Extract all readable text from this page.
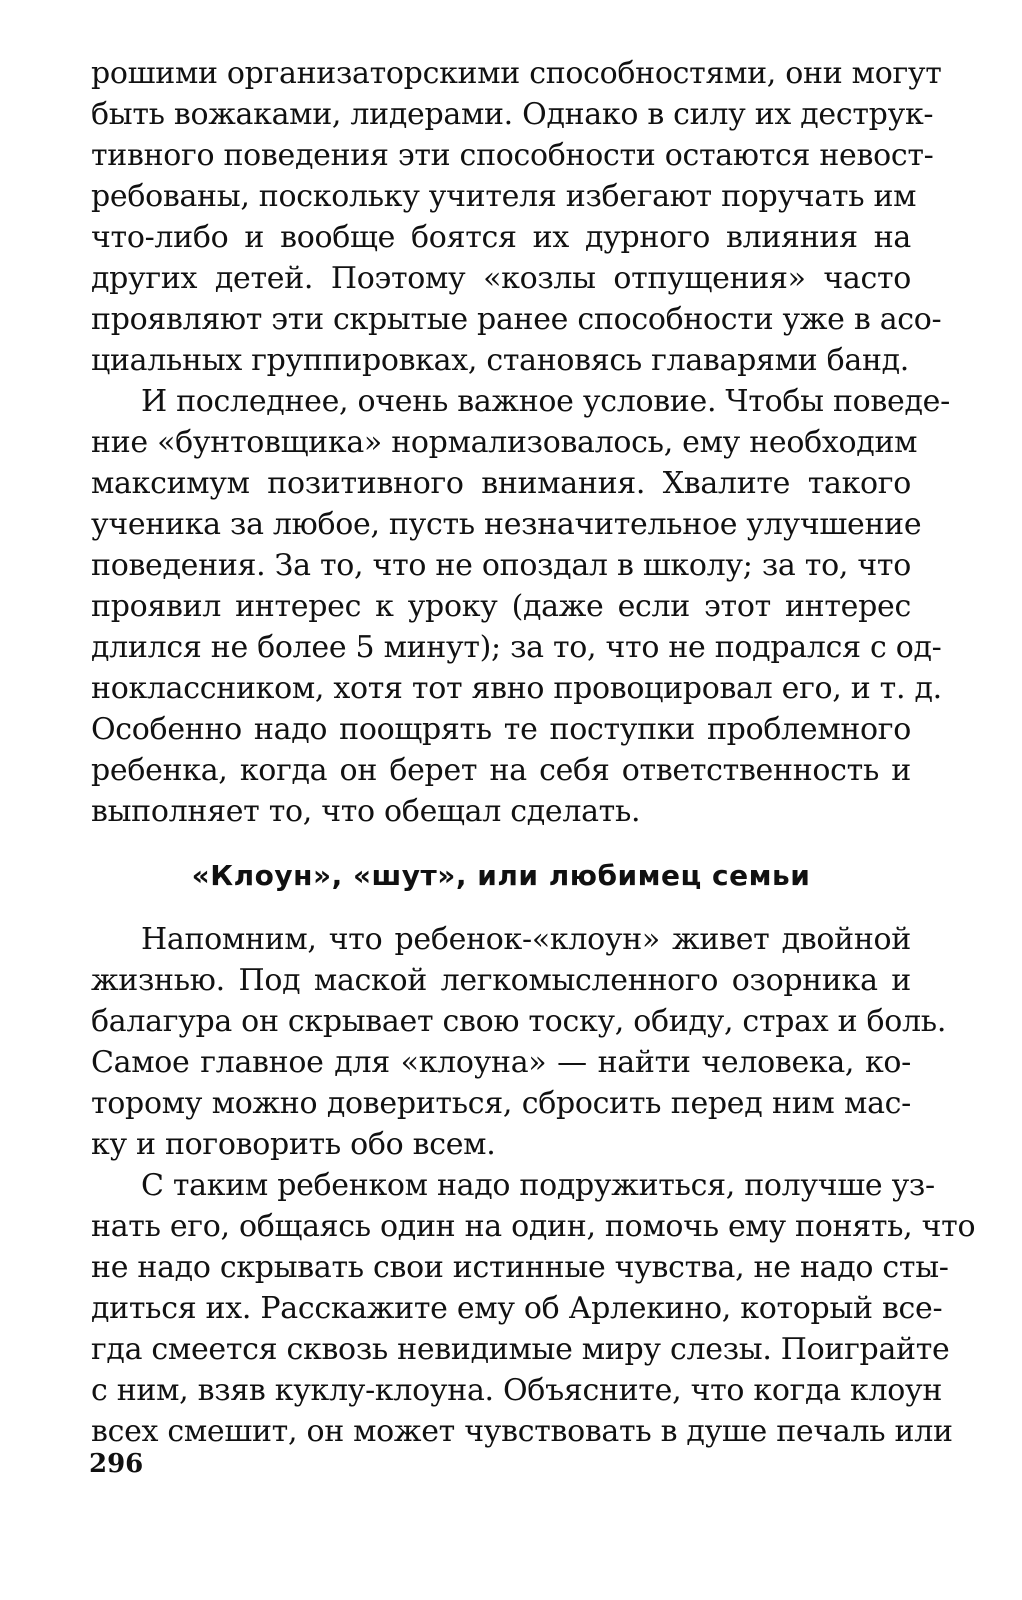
рошими организаторскими способностями, они могут
быть вожаками, лидерами. Однако в силу их деструк-
тивного поведения эти способности остаются невост-
ребованы, поскольку учителя избегают поручать им
что-либо и вообще боятся их дурного влияния на
других детей. Поэтому «козлы отпущения» часто
проявляют эти скрытые ранее способности уже в асо-
циальных группировках, становясь главарями банд.
И последнее, очень важное условие. Чтобы поведе-
ние «бунтовщика» нормализовалось, ему необходим
максимум позитивного внимания. Хвалите такого
ученика за любое, пусть незначительное улучшение
поведения. За то, что не опоздал в школу; за то, что
проявил интерес к уроку (даже если этот интерес
длился не более 5 минут); за то, что не подрался с од-
ноклассником, хотя тот явно провоцировал его, и т. д.
Особенно надо поощрять те поступки проблемного
ребенка, когда он берет на себя ответственность и
выполняет то, что обещал сделать.
«Клоун», «шут», или любимец семьи
Напомним, что ребенок-«клоун» живет двойной
жизнью. Под маской легкомысленного озорника и
балагура он скрывает свою тоску, обиду, страх и боль.
Самое главное для «клоуна» — найти человека, ко-
торому можно довериться, сбросить перед ним мас-
ку и поговорить обо всем.
С таким ребенком надо подружиться, получше уз-
нать его, общаясь один на один, помочь ему понять, что
не надо скрывать свои истинные чувства, не надо сты-
диться их. Расскажите ему об Арлекино, который все-
гда смеется сквозь невидимые миру слезы. Поиграйте
с ним, взяв куклу-клоуна. Объясните, что когда клоун
всех смешит, он может чувствовать в душе печаль или
296
